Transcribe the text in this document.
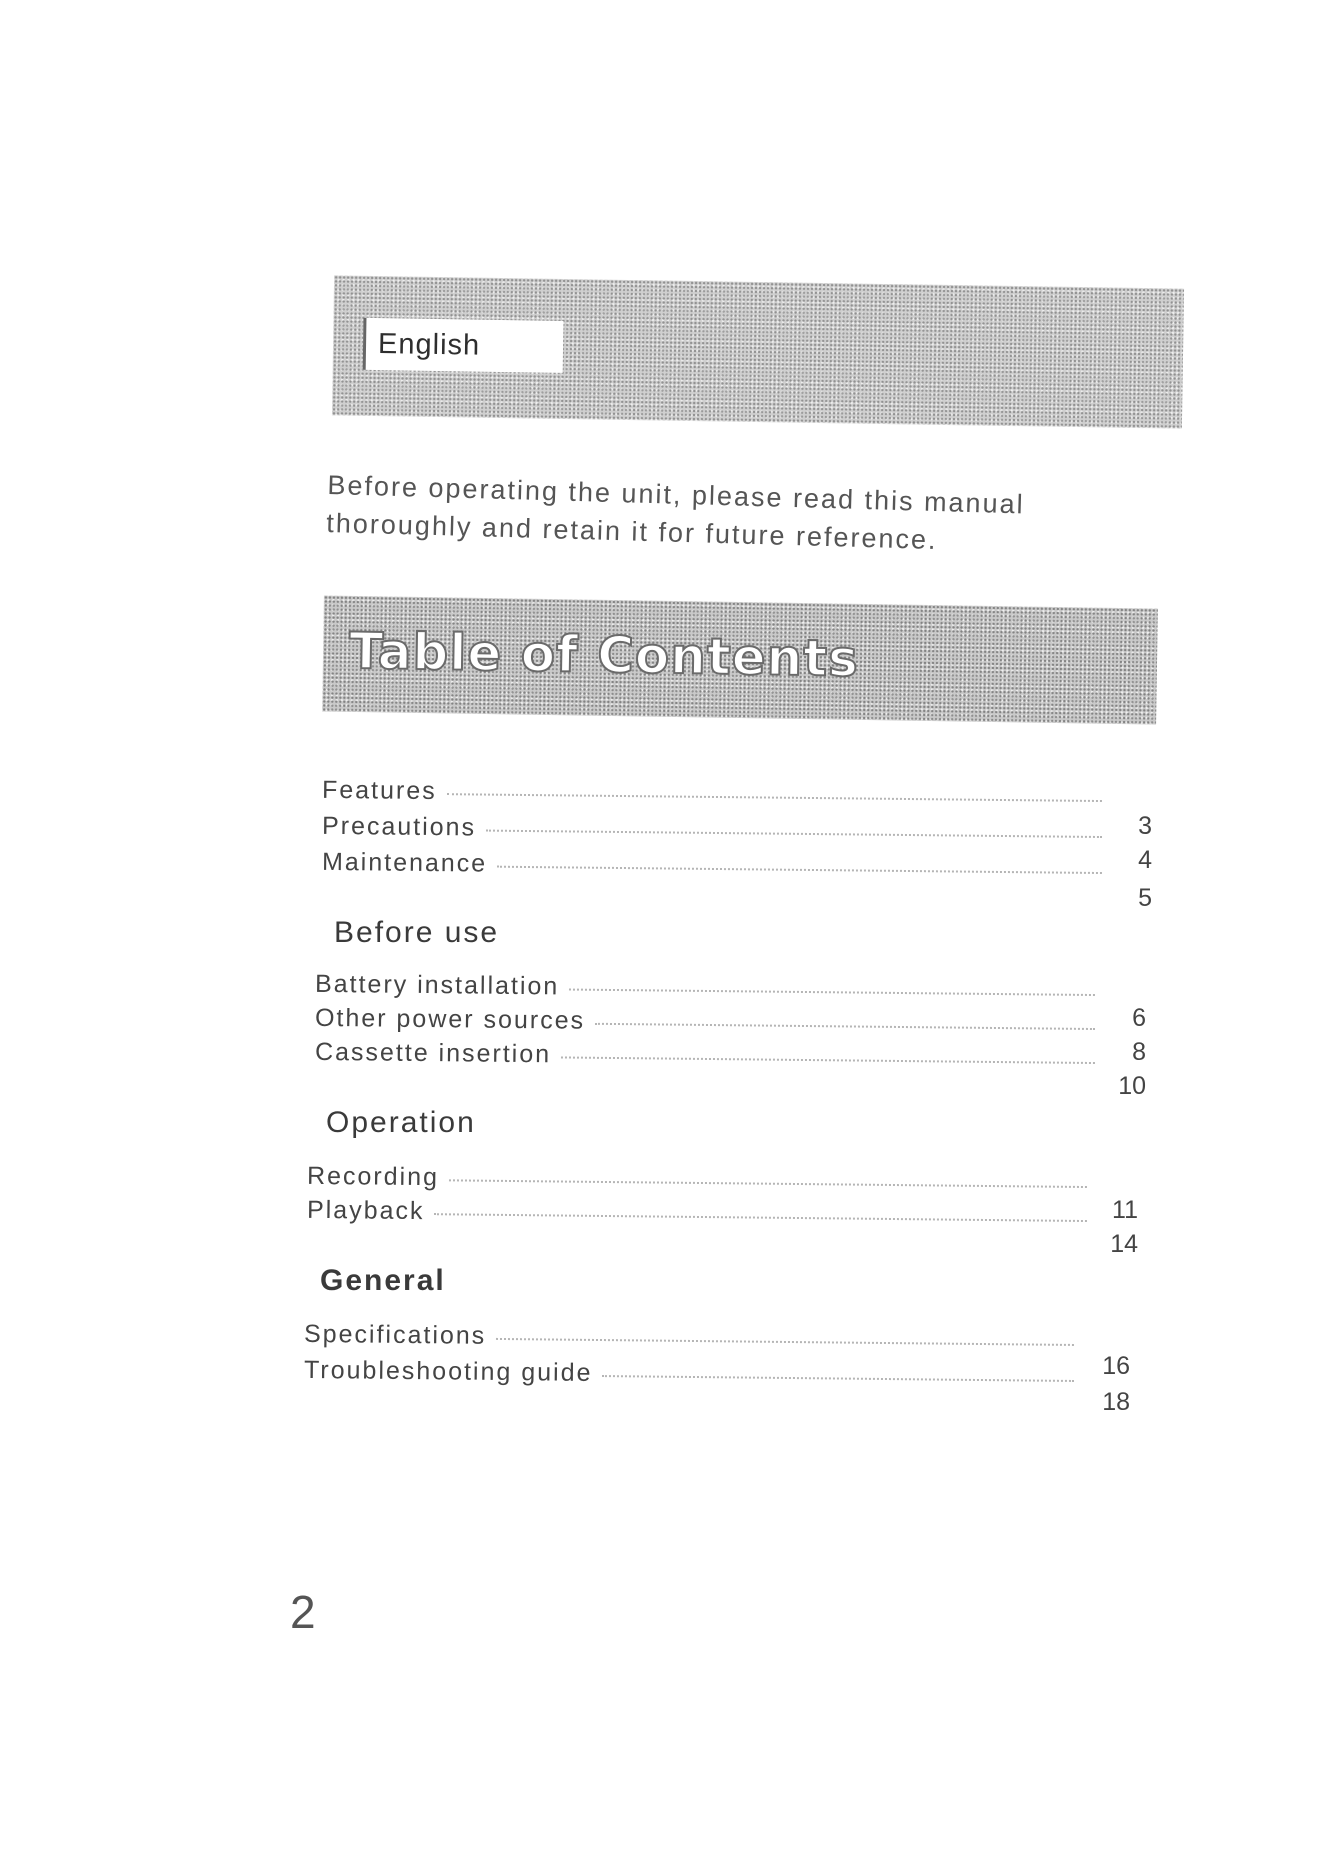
English

Before operating the unit, please read this manual

thoroughly and retain it for future reference.

Table of Contents
Features
Precautions
Maintenance
3
4
5
Before use
Battery installation
Other power sources
Cassette insertion
6
8
10
Operation
Recording
Playback	11
14
General
Specifications
Troubleshooting guide	16
18
2
